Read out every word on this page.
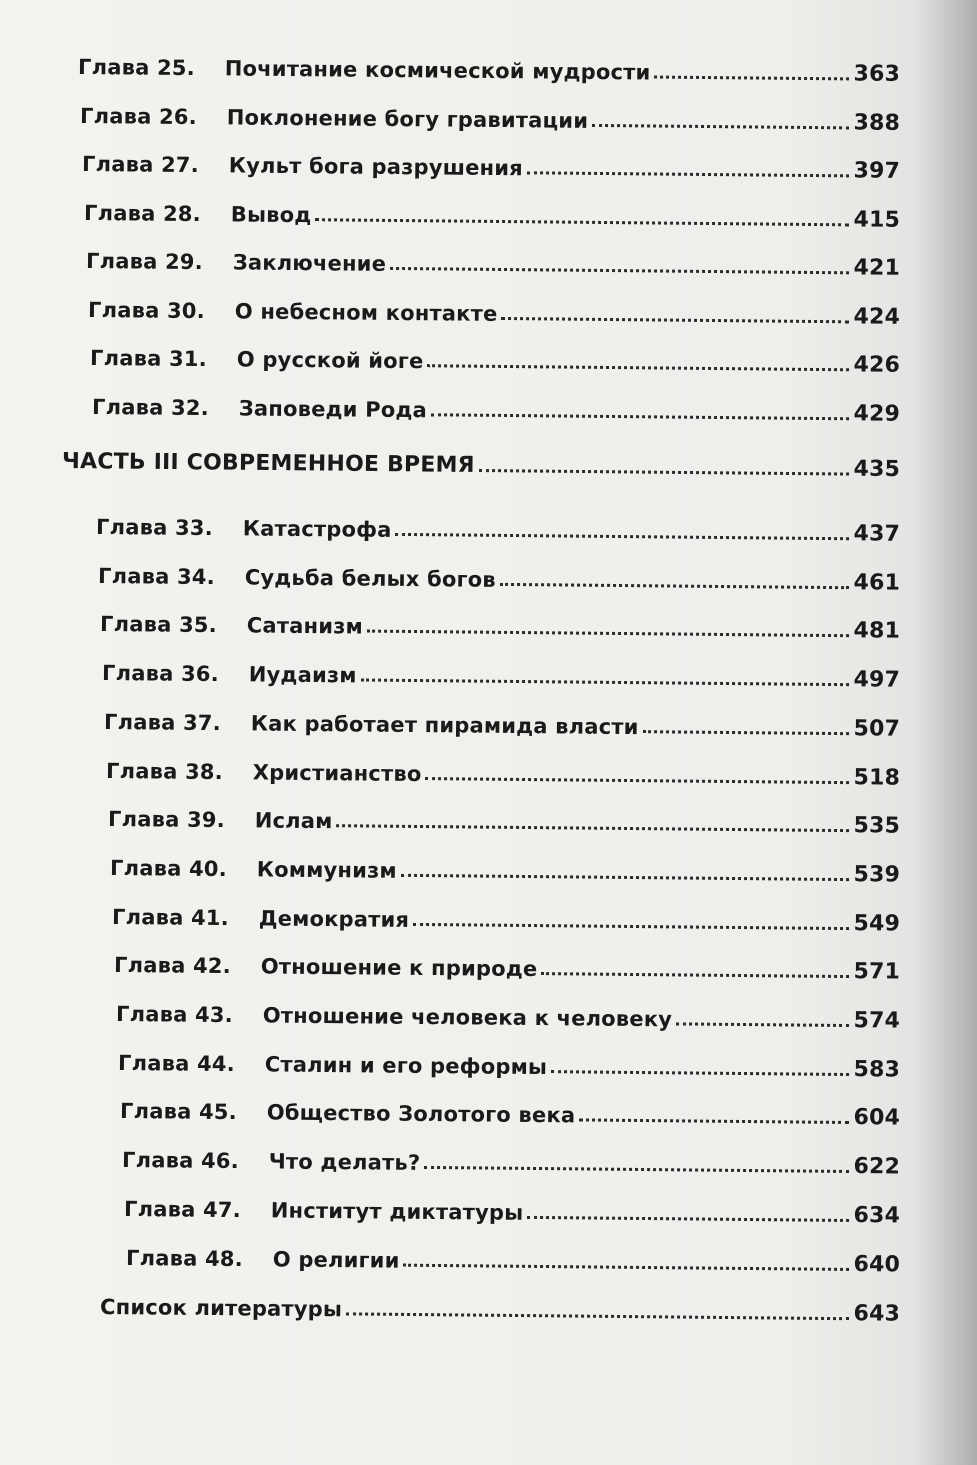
Глава 25. Почитание космической мудрости	363
Глава 26. Поклонение богу гравитации	388
Глава 27. Культ бога разрушения	397
Глава 28. Вывод	415
Глава 29. Заключение	421
Глава 30. О небесном контакте	424
Глава 31. О русской йоге	426
Глава 32. Заповеди Рода	429
ЧАСТЬ III СОВРЕМЕННОЕ ВРЕМЯ	435
Глава 33. Катастрофа	437
Глава 34. Судьба белых богов	461
Глава 35. Сатанизм	481
Глава 36. Иудаизм	497
Глава 37. Как работает пирамида власти	507
Глава 38. Христианство	518
Глава 39. Ислам	535
Глава 40. Коммунизм	539
Глава 41. Демократия	549
Глава 42. Отношение к природе	571
Глава 43. Отношение человека к человеку	574
Глава 44. Сталин и его реформы	583
Глава 45. Общество Золотого века	604
Глава 46. Что делать?	622
Глава 47. Институт диктатуры	634
Глава 48. О религии	640
Список литературы	643
